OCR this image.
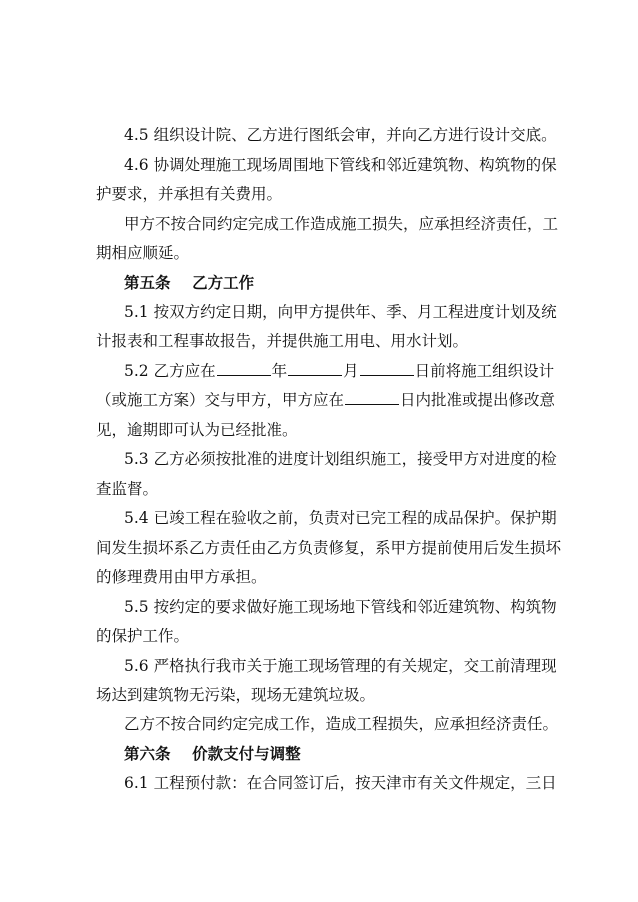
4.5 组织设计院、乙方进行图纸会审，并向乙方进行设计交底。
4.6 协调处理施工现场周围地下管线和邻近建筑物、构筑物的保
护要求，并承担有关费用。
甲方不按合同约定完成工作造成施工损失，应承担经济责任，工
期相应顺延。
第五条    乙方工作
5.1 按双方约定日期，向甲方提供年、季、月工程进度计划及统
计报表和工程事故报告，并提供施工用电、用水计划。
5.2 乙方应在	年	月	日前将施工组织设计
（或施工方案）交与甲方，甲方应在	日内批准或提出修改意
见，逾期即可认为已经批准。
5.3 乙方必须按批准的进度计划组织施工，接受甲方对进度的检
查监督。
5.4 已竣工程在验收之前，负责对已完工程的成品保护。保护期
间发生损坏系乙方责任由乙方负责修复，系甲方提前使用后发生损坏
的修理费用由甲方承担。
5.5 按约定的要求做好施工现场地下管线和邻近建筑物、构筑物
的保护工作。
5.6 严格执行我市关于施工现场管理的有关规定，交工前清理现
场达到建筑物无污染，现场无建筑垃圾。
乙方不按合同约定完成工作，造成工程损失，应承担经济责任。
第六条    价款支付与调整
6.1 工程预付款：在合同签订后，按天津市有关文件规定，三日
